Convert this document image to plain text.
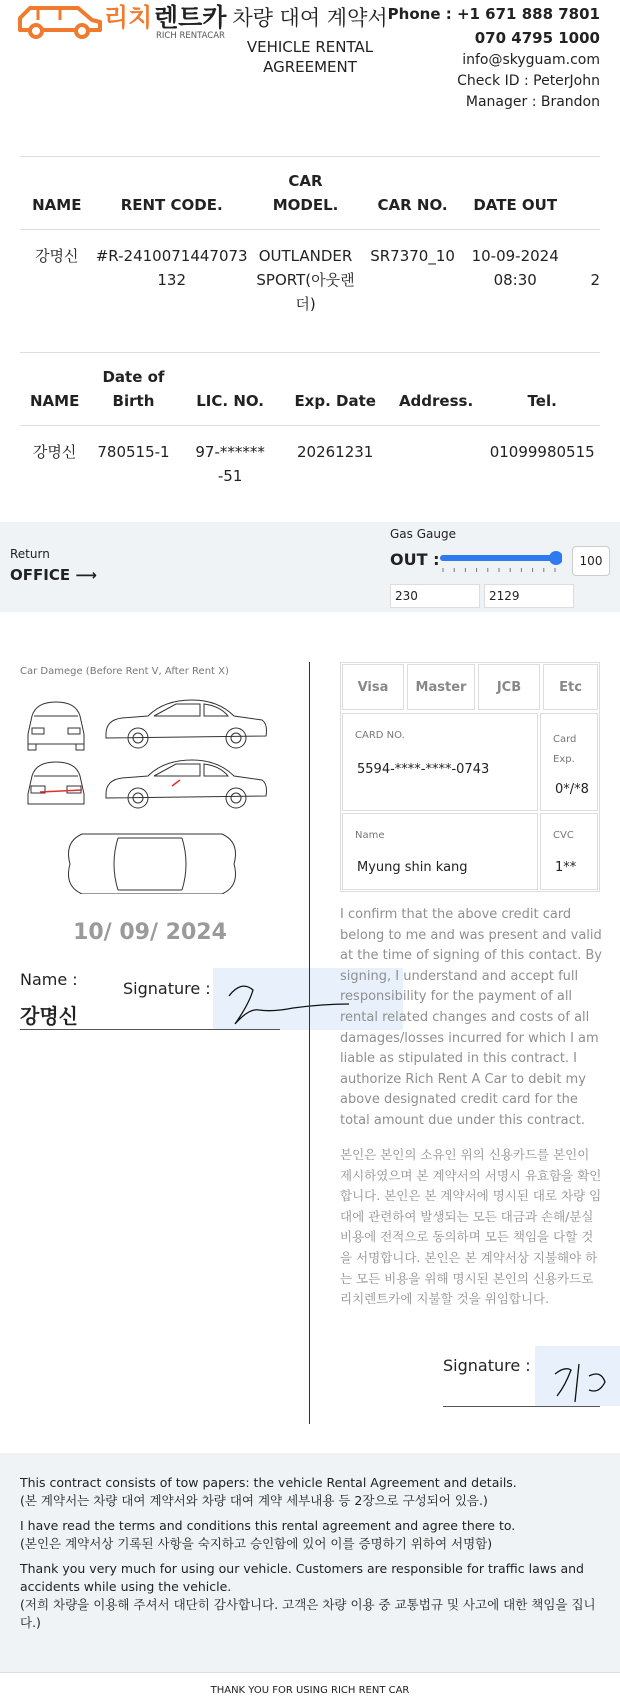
리치 렌트카
RICH RENTACAR
차량 대여 계약서
VEHICLE RENTAL AGREEMENT
Phone : +1 671 888 7801
070 4795 1000
info@skyguam.com
Check ID : PeterJohn
Manager : Brandon
NAME	RENT CODE.	CAR MODEL.	CAR NO.	DATE OUT	
강명신	#R-2410071447073132	OUTLANDER SPORT(아웃랜더)	SR7370_10	10-09-2024 08:30	2
NAME	Date of Birth	LIC. NO.	Exp. Date	Address.	Tel.
강명신	780515-1	97-******-51	20261231		01099980515
Return
OFFICE ⟶
Gas Gauge
OUT :	100
230	2129
Car Damege (Before Rent V, After Rent X)
10/ 09/ 2024
Name :
강명신
Signature :
Visa	Master	JCB	Etc
CARD NO.
5594-****-****-0743
Card Exp.
0*/*8
Name
Myung shin kang
CVC
1**
I confirm that the above credit card belong to me and was present and valid at the time of signing of this contact. By signing, I understand and accept full responsibility for the payment of all rental related changes and costs of all damages/losses incurred for which I am liable as stipulated in this contract. I authorize Rich Rent A Car to debit my above designated credit card for the total amount due under this contract.
본인은 본인의 소유인 위의 신용카드를 본인이 제시하였으며 본 계약서의 서명시 유효함을 확인합니다. 본인은 본 계약서에 명시된 대로 차량 임대에 관련하여 발생되는 모든 대금과 손해/분실비용에 전적으로 동의하며 모든 책임을 다할 것을 서명합니다. 본인은 본 계약서상 지불해야 하는 모든 비용을 위해 명시된 본인의 신용카드로 리치렌트카에 지불할 것을 위임합니다.
Signature :

This contract consists of tow papers: the vehicle Rental Agreement and details.
(본 계약서는 차량 대여 계약서와 차량 대여 계약 세부내용 등 2장으로 구성되어 있음.)

I have read the terms and conditions this rental agreement and agree there to.
(본인은 계약서상 기록된 사항을 숙지하고 승인함에 있어 이를 증명하기 위하여 서명함)

Thank you very much for using our vehicle. Customers are responsible for traffic laws and accidents while using the vehicle.
(저희 차량을 이용해 주셔서 대단히 감사합니다. 고객은 차량 이용 중 교통법규 및 사고에 대한 책임을 집니다.)

THANK YOU FOR USING RICH RENT CAR
